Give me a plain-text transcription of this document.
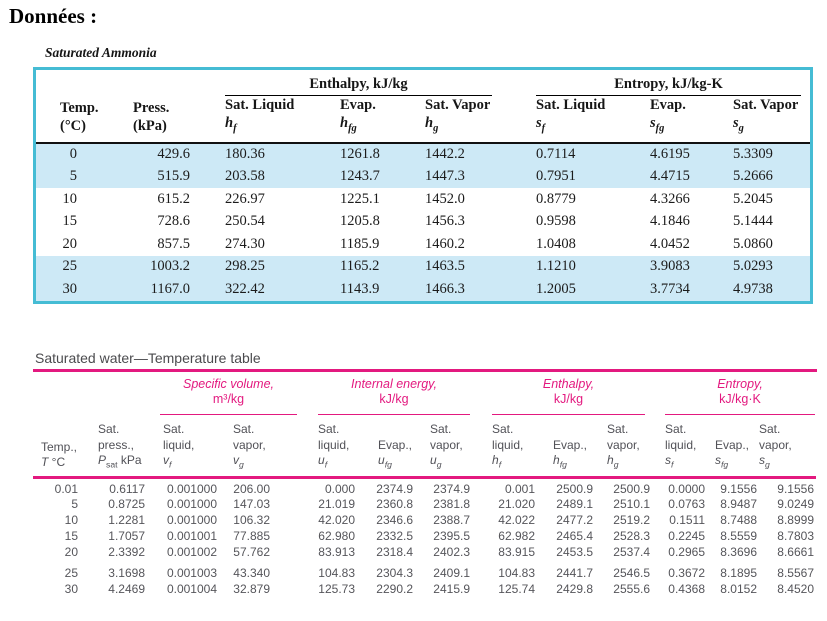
Données :
Saturated Ammonia
Temp.
(°C)

Press.
(kPa)

Enthalpy, kJ/kg	Entropy, kJ/kg-K

Sat. Liquid
$h_f$

Evap.
$h_{fg}$

Sat. Vapor
$h_g$

Sat. Liquid
$s_f$

Evap.
$s_{fg}$

Sat. Vapor
$s_g$

0	429.6	180.36	1261.8	1442.2	0.7114	4.6195	5.3309
5	515.9	203.58	1243.7	1447.3	0.7951	4.4715	5.2666
10	615.2	226.97	1225.1	1452.0	0.8779	4.3266	5.2045
15	728.6	250.54	1205.8	1456.3	0.9598	4.1846	5.1444
20	857.5	274.30	1185.9	1460.2	1.0408	4.0452	5.0860
25	1003.2	298.25	1165.2	1463.5	1.1210	3.9083	5.0293
30	1167.0	322.42	1143.9	1466.3	1.2005	3.7734	4.9738
Saturated water—Temperature table
Specific volume,
m³/kg
Internal energy,
kJ/kg
Enthalpy,
kJ/kg
Entropy,
kJ/kg·K
Temp.,
T °C

Sat.
press.,
$P_{sat}$ kPa

Sat.
liquid,
$v_f$

Sat.
vapor,
$v_g$

Sat.
liquid,
$u_f$

Evap.,
$u_{fg}$

Sat.
vapor,
$u_g$

Sat.
liquid,
$h_f$

Evap.,
$h_{fg}$

Sat.
vapor,
$h_g$

Sat.
liquid,
$s_f$

Evap.,
$s_{fg}$

Sat.
vapor,
$s_g$

0.01	0.6117	0.001000	206.00	0.000	2374.9	2374.9	0.001	2500.9	2500.9	0.0000	9.1556	9.1556
5	0.8725	0.001000	147.03	21.019	2360.8	2381.8	21.020	2489.1	2510.1	0.0763	8.9487	9.0249
10	1.2281	0.001000	106.32	42.020	2346.6	2388.7	42.022	2477.2	2519.2	0.1511	8.7488	8.8999
15	1.7057	0.001001	77.885	62.980	2332.5	2395.5	62.982	2465.4	2528.3	0.2245	8.5559	8.7803
20	2.3392	0.001002	57.762	83.913	2318.4	2402.3	83.915	2453.5	2537.4	0.2965	8.3696	8.6661

25	3.1698	0.001003	43.340	104.83	2304.3	2409.1	104.83	2441.7	2546.5	0.3672	8.1895	8.5567
30	4.2469	0.001004	32.879	125.73	2290.2	2415.9	125.74	2429.8	2555.6	0.4368	8.0152	8.4520
